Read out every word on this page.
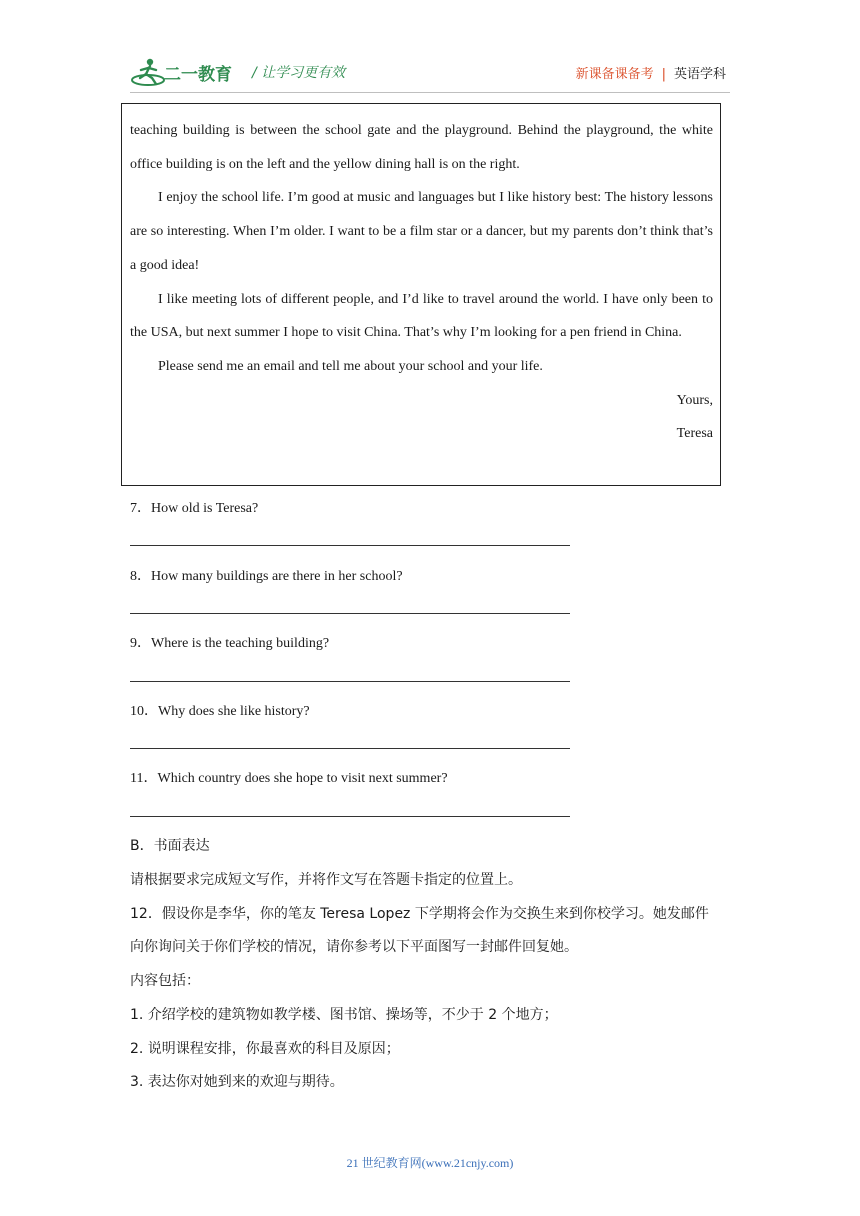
二一教育 / 让学习更有效	新课备课备考 | 英语学科

teaching building is between the school gate and the playground. Behind the playground, the white office building is on the left and the yellow dining hall is on the right.

I enjoy the school life. I’m good at music and languages but I like history best: The history lessons are so interesting. When I’m older. I want to be a film star or a dancer, but my parents don’t think that’s a good idea!

I like meeting lots of different people, and I’d like to travel around the world. I have only been to the USA, but next summer I hope to visit China. That’s why I’m looking for a pen friend in China.

Please send me an email and tell me about your school and your life.

Yours,

Teresa

7．How old is Teresa?
8．How many buildings are there in her school?
9．Where is the teaching building?
10．Why does she like history?
11．Which country does she hope to visit next summer?
B．书面表达
请根据要求完成短文写作，并将作文写在答题卡指定的位置上。
12．假设你是李华，你的笔友 Teresa Lopez 下学期将会作为交换生来到你校学习。她发邮件
向你询问关于你们学校的情况，请你参考以下平面图写一封邮件回复她。
内容包括：
1. 介绍学校的建筑物如教学楼、图书馆、操场等，不少于 2 个地方；
2. 说明课程安排，你最喜欢的科目及原因；
3. 表达你对她到来的欢迎与期待。
21 世纪教育网(www.21cnjy.com)
